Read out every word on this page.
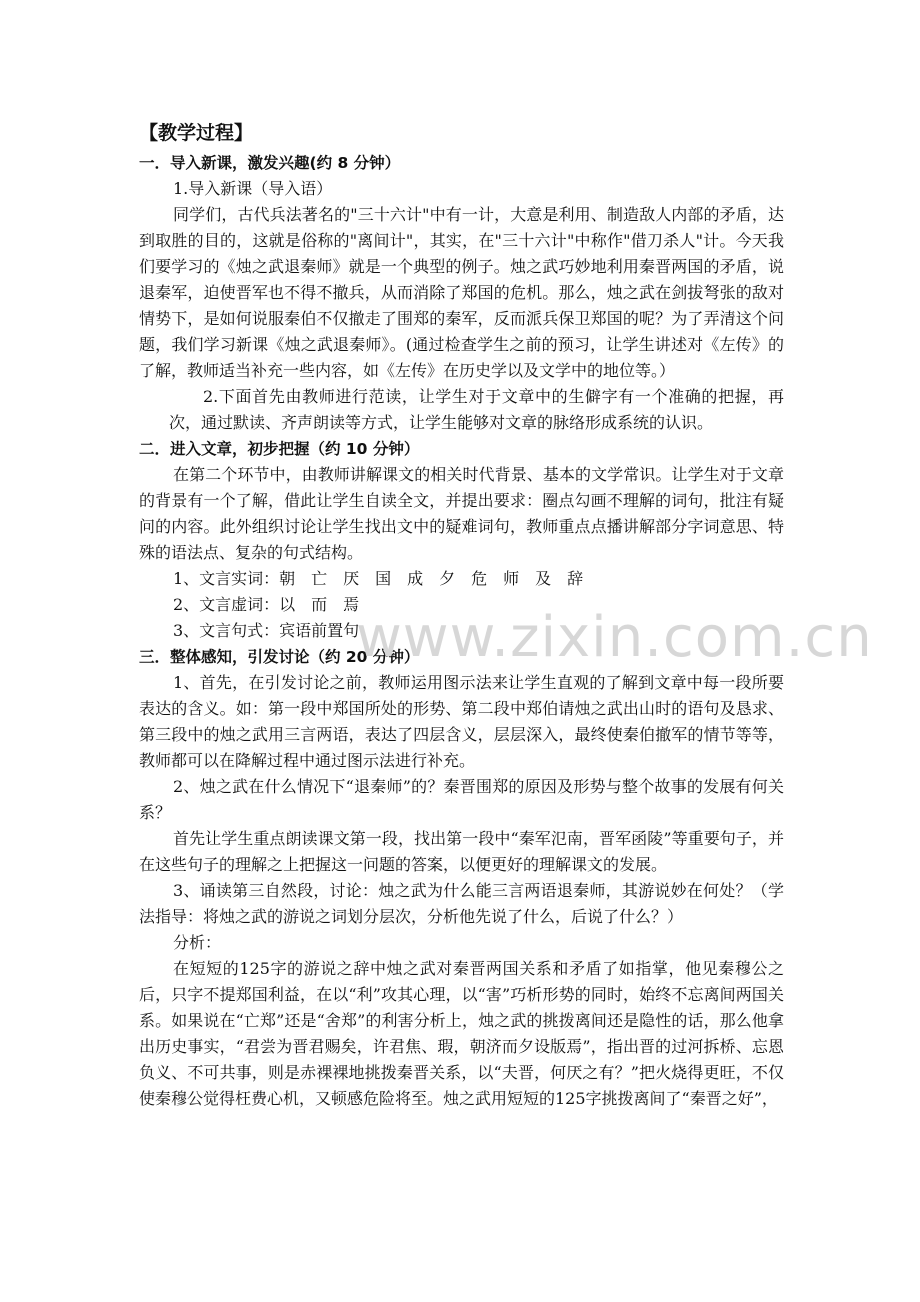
【教学过程】
一．导入新课，激发兴趣(约 8 分钟）

1.导入新课（导入语）

同学们，古代兵法著名的"三十六计"中有一计，大意是利用、制造敌人内部的矛盾，达到取胜的目的，这就是俗称的"离间计"，其实，在"三十六计"中称作"借刀杀人"计。今天我们要学习的《烛之武退秦师》就是一个典型的例子。烛之武巧妙地利用秦晋两国的矛盾，说退秦军，迫使晋军也不得不撤兵，从而消除了郑国的危机。那么，烛之武在剑拔弩张的敌对情势下，是如何说服秦伯不仅撤走了围郑的秦军，反而派兵保卫郑国的呢？为了弄清这个问题，我们学习新课《烛之武退秦师》。(通过检查学生之前的预习，让学生讲述对《左传》的了解，教师适当补充一些内容，如《左传》在历史学以及文学中的地位等。）

2.下面首先由教师进行范读，让学生对于文章中的生僻字有一个准确的把握，再次，通过默读、齐声朗读等方式，让学生能够对文章的脉络形成系统的认识。

二．进入文章，初步把握（约 10 分钟）

在第二个环节中，由教师讲解课文的相关时代背景、基本的文学常识。让学生对于文章的背景有一个了解，借此让学生自读全文，并提出要求：圈点勾画不理解的词句，批注有疑问的内容。此外组织讨论让学生找出文中的疑难词句，教师重点点播讲解部分字词意思、特殊的语法点、复杂的句式结构。

1、文言实词：朝　亡　厌　国　成　夕　危　师　及　辞

2、文言虚词：以　而　焉

3、文言句式：宾语前置句

三．整体感知，引发讨论（约 20 分钟）

1、首先，在引发讨论之前，教师运用图示法来让学生直观的了解到文章中每一段所要表达的含义。如：第一段中郑国所处的形势、第二段中郑伯请烛之武出山时的语句及恳求、第三段中的烛之武用三言两语，表达了四层含义，层层深入，最终使秦伯撤军的情节等等，教师都可以在降解过程中通过图示法进行补充。

2、烛之武在什么情况下“退秦师”的？秦晋围郑的原因及形势与整个故事的发展有何关系？

首先让学生重点朗读课文第一段，找出第一段中“秦军氾南，晋军函陵”等重要句子，并在这些句子的理解之上把握这一问题的答案，以便更好的理解课文的发展。

3、诵读第三自然段，讨论：烛之武为什么能三言两语退秦师，其游说妙在何处？（学法指导：将烛之武的游说之词划分层次，分析他先说了什么，后说了什么？）

分析：

在短短的125字的游说之辞中烛之武对秦晋两国关系和矛盾了如指掌，他见秦穆公之后，只字不提郑国利益，在以“利”攻其心理，以“害”巧析形势的同时，始终不忘离间两国关系。如果说在“亡郑”还是“舍郑”的利害分析上，烛之武的挑拨离间还是隐性的话，那么他拿出历史事实，“君尝为晋君赐矣，许君焦、瑕，朝济而夕设版焉”，指出晋的过河拆桥、忘恩负义、不可共事，则是赤裸裸地挑拨秦晋关系，以“夫晋，何厌之有？”把火烧得更旺，不仅使秦穆公觉得枉费心机，又顿感危险将至。烛之武用短短的125字挑拨离间了“秦晋之好”，

www.zixin.com.cn
